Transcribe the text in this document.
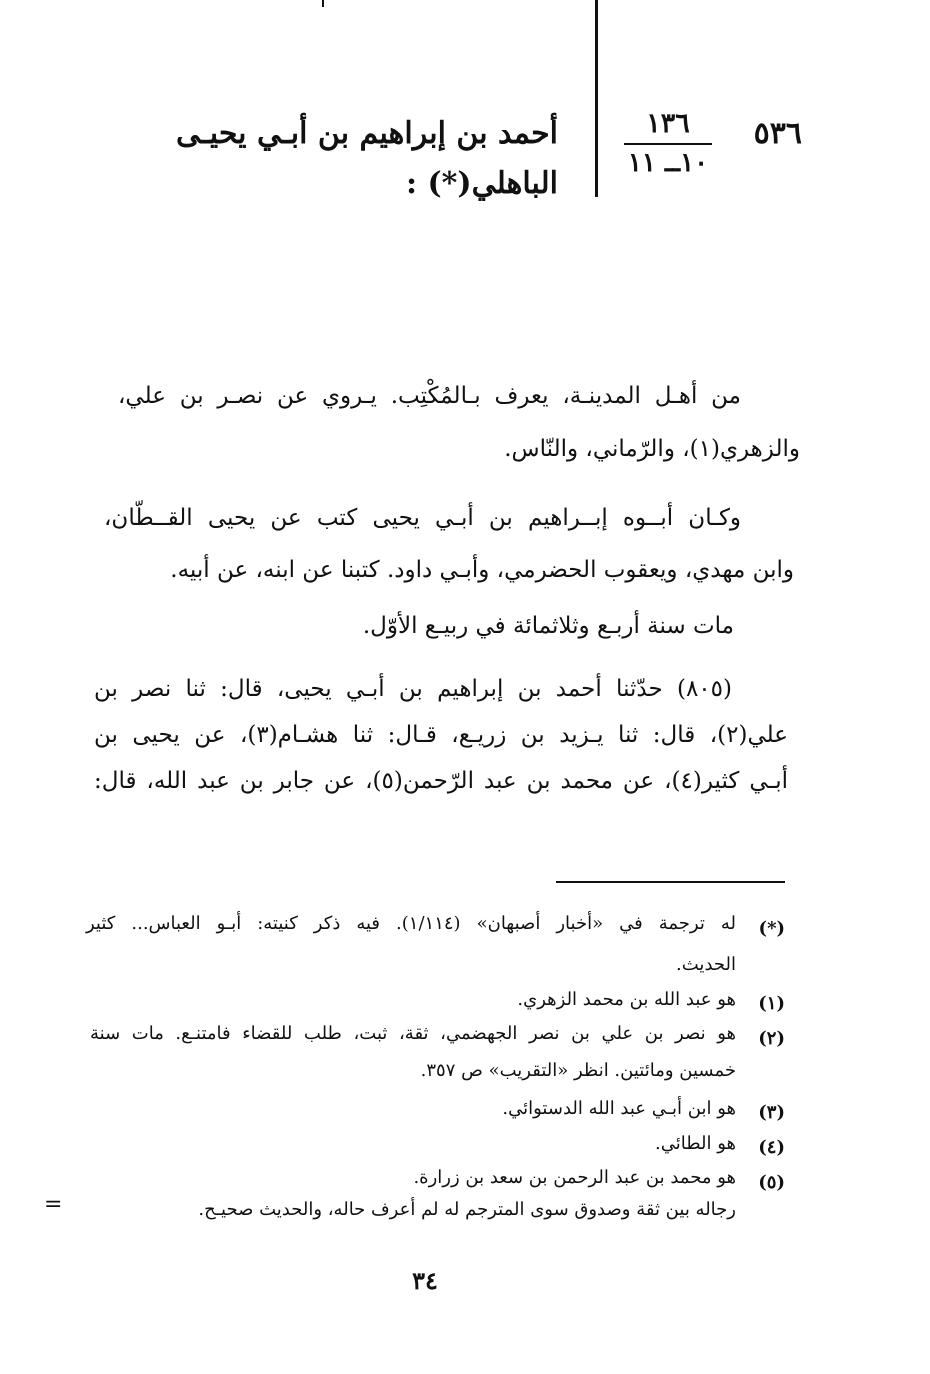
٥٣٦
١٣٦
١٠ــ ١١
أحمد بن إبراهيم بن أبـي يحيـى
الباهلي(*) :
من أهـل المدينـة، يعرف بـالمُكْتِب. يـروي عن نصـر بن علي،
والزهري(١)، والرّماني، والنّاس.
وكـان أبــوه إبــراهيم بن أبـي يحيى كتب عن يحيى القــطّان،
وابن مهدي، ويعقوب الحضرمي، وأبـي داود. كتبنا عن ابنه، عن أبيه.
مات سنة أربـع وثلاثمائة في ربيـع الأوّل.
(٨٠٥) حدّثنا أحمد بن إبراهيم بن أبـي يحيى، قال: ثنا نصر بن
علي(٢)، قال: ثنا يـزيد بن زريـع، قـال: ثنا هشـام(٣)، عن يحيى بن
أبـي كثير(٤)، عن محمد بن عبد الرّحمن(٥)، عن جابر بن عبد الله، قال:
(*)
له ترجمة في «أخبار أصبهان» (١/١١٤). فيه ذكر كنيته: أبـو العباس... كثير
الحديث.
(١)
هو عبد الله بن محمد الزهري.
(٢)
هو نصر بن علي بن نصر الجهضمي، ثقة، ثبت، طلب للقضاء فامتنـع. مات سنة
خمسين ومائتين. انظر «التقريب» ص ٣٥٧.
(٣)
هو ابن أبـي عبد الله الدستوائي.
(٤)
هو الطائي.
(٥)
هو محمد بن عبد الرحمن بن سعد بن زرارة.
رجاله بين ثقة وصدوق سوى المترجم له لم أعرف حاله، والحديث صحيـح.
=
٣٤
